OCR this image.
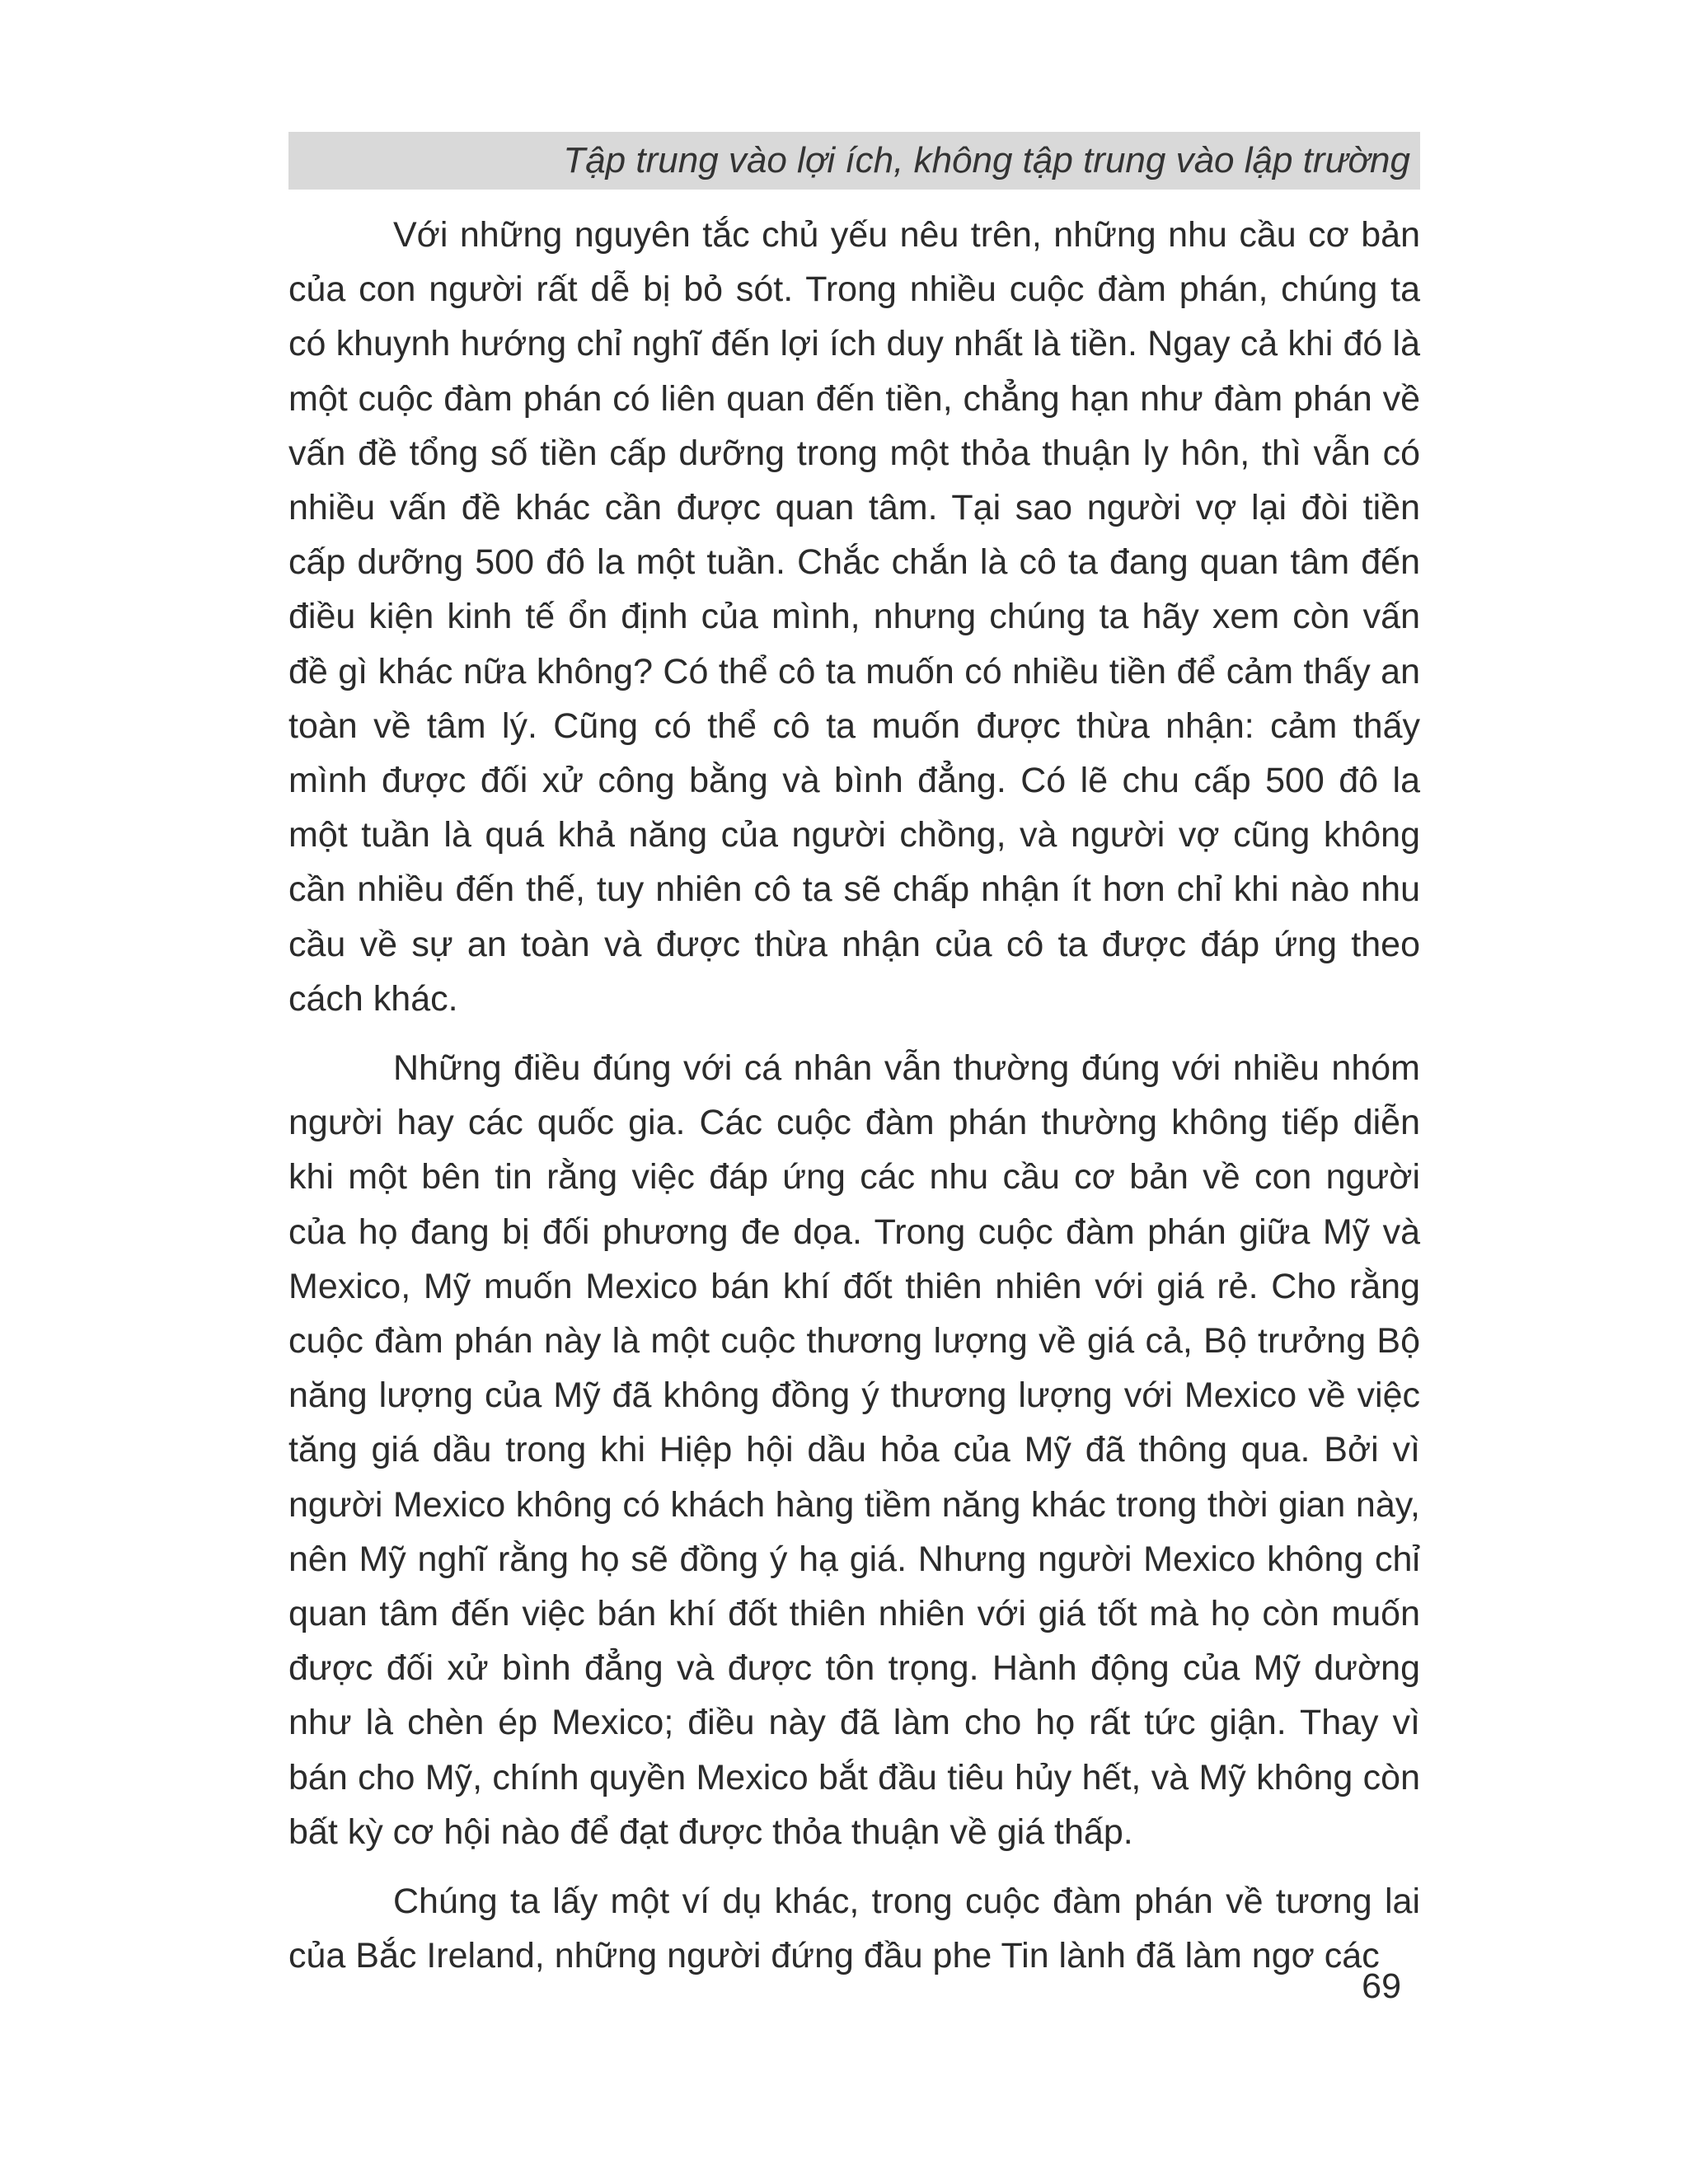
Tập trung vào lợi ích, không tập trung vào lập trường

Với những nguyên tắc chủ yếu nêu trên, những nhu cầu cơ bản của con người rất dễ bị bỏ sót. Trong nhiều cuộc đàm phán, chúng ta có khuynh hướng chỉ nghĩ đến lợi ích duy nhất là tiền. Ngay cả khi đó là một cuộc đàm phán có liên quan đến tiền, chẳng hạn như đàm phán về vấn đề tổng số tiền cấp dưỡng trong một thỏa thuận ly hôn, thì vẫn có nhiều vấn đề khác cần được quan tâm. Tại sao người vợ lại đòi tiền cấp dưỡng 500 đô la một tuần. Chắc chắn là cô ta đang quan tâm đến điều kiện kinh tế ổn định của mình, nhưng chúng ta hãy xem còn vấn đề gì khác nữa không? Có thể cô ta muốn có nhiều tiền để cảm thấy an toàn về tâm lý. Cũng có thể cô ta muốn được thừa nhận: cảm thấy mình được đối xử công bằng và bình đẳng. Có lẽ chu cấp 500 đô la một tuần là quá khả năng của người chồng, và người vợ cũng không cần nhiều đến thế, tuy nhiên cô ta sẽ chấp nhận ít hơn chỉ khi nào nhu cầu về sự an toàn và được thừa nhận của cô ta được đáp ứng theo cách khác.

Những điều đúng với cá nhân vẫn thường đúng với nhiều nhóm người hay các quốc gia. Các cuộc đàm phán thường không tiếp diễn khi một bên tin rằng việc đáp ứng các nhu cầu cơ bản về con người của họ đang bị đối phương đe dọa. Trong cuộc đàm phán giữa Mỹ và Mexico, Mỹ muốn Mexico bán khí đốt thiên nhiên với giá rẻ. Cho rằng cuộc đàm phán này là một cuộc thương lượng về giá cả, Bộ trưởng Bộ năng lượng của Mỹ đã không đồng ý thương lượng với Mexico về việc tăng giá dầu trong khi Hiệp hội dầu hỏa của Mỹ đã thông qua. Bởi vì người Mexico không có khách hàng tiềm năng khác trong thời gian này, nên Mỹ nghĩ rằng họ sẽ đồng ý hạ giá. Nhưng người Mexico không chỉ quan tâm đến việc bán khí đốt thiên nhiên với giá tốt mà họ còn muốn được đối xử bình đẳng và được tôn trọng. Hành động của Mỹ dường như là chèn ép Mexico; điều này đã làm cho họ rất tức giận. Thay vì bán cho Mỹ, chính quyền Mexico bắt đầu tiêu hủy hết, và Mỹ không còn bất kỳ cơ hội nào để đạt được thỏa thuận về giá thấp.

Chúng ta lấy một ví dụ khác, trong cuộc đàm phán về tương lai của Bắc Ireland, những người đứng đầu phe Tin lành đã làm ngơ các

69
